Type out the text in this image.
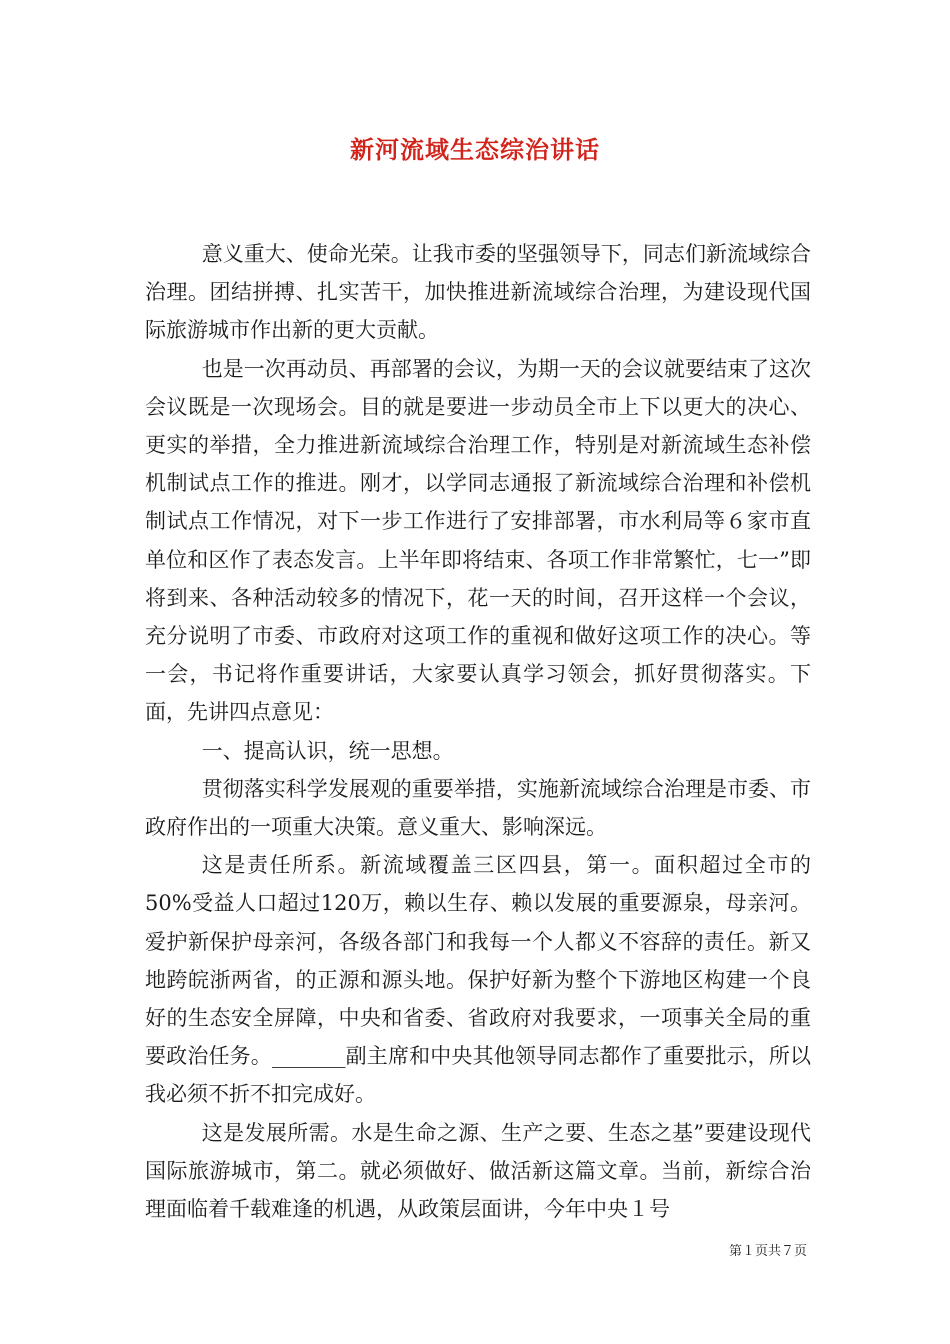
新河流域生态综治讲话

意义重大、使命光荣。让我市委的坚强领导下，同志们新流域综合治理。团结拼搏、扎实苦干，加快推进新流域综合治理，为建设现代国际旅游城市作出新的更大贡献。

也是一次再动员、再部署的会议，为期一天的会议就要结束了这次会议既是一次现场会。目的就是要进一步动员全市上下以更大的决心、更实的举措，全力推进新流域综合治理工作，特别是对新流域生态补偿机制试点工作的推进。刚才，以学同志通报了新流域综合治理和补偿机制试点工作情况，对下一步工作进行了安排部署，市水利局等６家市直单位和区作了表态发言。上半年即将结束、各项工作非常繁忙，七一”即将到来、各种活动较多的情况下，花一天的时间，召开这样一个会议，充分说明了市委、市政府对这项工作的重视和做好这项工作的决心。等一会，书记将作重要讲话，大家要认真学习领会，抓好贯彻落实。下面，先讲四点意见：

一、提高认识，统一思想。

贯彻落实科学发展观的重要举措，实施新流域综合治理是市委、市政府作出的一项重大决策。意义重大、影响深远。

这是责任所系。新流域覆盖三区四县，第一。面积超过全市的50%受益人口超过120万，赖以生存、赖以发展的重要源泉，母亲河。爱护新保护母亲河，各级各部门和我每一个人都义不容辞的责任。新又地跨皖浙两省，的正源和源头地。保护好新为整个下游地区构建一个良好的生态安全屏障，中央和省委、省政府对我要求，一项事关全局的重要政治任务。_______副主席和中央其他领导同志都作了重要批示，所以我必须不折不扣完成好。

这是发展所需。水是生命之源、生产之要、生态之基”要建设现代国际旅游城市，第二。就必须做好、做活新这篇文章。当前，新综合治理面临着千载难逢的机遇，从政策层面讲，今年中央１号

第１页共７页
